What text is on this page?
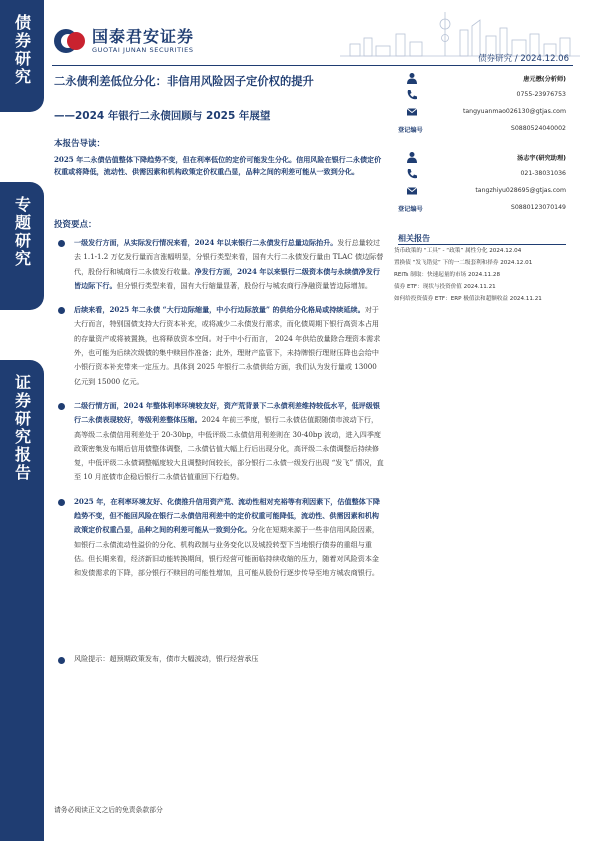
债券研究
专题研究
证券研究报告
国泰君安证券
GUOTAI JUNAN SECURITIES
债券研究 / 2024.12.06
二永债利差低位分化：非信用风险因子定价权的提升
——2024 年银行二永债回顾与 2025 年展望
本报告导读：
2025 年二永债估值整体下降趋势不变，但在利率低位的定价可能发生分化。信用风险在银行二永债定价权重或将降低，流动性、供需因素和机构政策定价权重凸显，品种之间的利差可能从一致到分化。
投资要点：
一级发行方面，从实际发行情况来看，2024 年以来银行二永债发行总量边际抬升。发行总量较过去 1.1-1.2 万亿发行量而言涨幅明显，分银行类型来看，国有大行二永债发行量由 TLAC 债边际替代，股份行和城商行二永债发行收量。净发行方面，2024 年以来银行二级资本债与永续债净发行皆边际下行。但分银行类型来看，国有大行缩量显著，股份行与城农商行净融资量皆边际增加。
后续来看，2025 年二永债 “大行边际缩量，中小行边际放量” 的供给分化格局或持续延续。对于大行而言，特别国债支持大行资本补充，或将减少二永债发行需求，而化债周期下银行高资本占用的存量资产或将被置换，也将释放资本空间。对于中小行而言， 2024 年供给放量除合理资本需求外，也可能为后续次级债的集中赎回作准备；此外，理财产监管下，未持牌银行理财压降也会给中小银行资本补充带来一定压力。具体到 2025 年银行二永债供给方面，我们认为发行量或 13000 亿元到 15000 亿元。
二级行情方面，2024 年整体利率环境较友好，资产荒背景下二永债利差维持较低水平，低评级银行二永债表现较好，等级利差整体压缩。2024 年前三季度，银行二永债估值跟随债市波动下行，高等级二永债信用利差处于 20-30bp，中低评级二永债信用利差则在 30-40bp 波动，进入四季度政策密集发布期后信用债整体调整，二永债估值大幅上行后出现分化，高评级二永债调整后持续修复，中低评级二永债调整幅度较大且调整时间较长，部分银行二永债一级发行出现 “发飞” 情况，直至 10 月底债市企稳后银行二永债估值重回下行趋势。
2025 年，在利率环境友好、化债推升信用资产荒、流动性相对充裕等有利因素下，估值整体下降趋势不变，但不能回风险在银行二永债信用利差中的定价权重可能降低，流动性、供需因素和机构政策定价权重凸显，品种之间的利差可能从一致到分化。分化在短期来源于一些非信用风险因素，如银行二永债流动性溢价的分化、机构政制与业务变化以及城投转型下当地银行债券的重组与重估。但长期来看，经济新旧动能转换期间，银行经营可能面临持续收缩的压力，随着对风险资本金和发债需求的下降，部分银行不赎回的可能性增加，且可能从股份行逐步传导至地方城农商银行。
风险提示：超预期政策发布，债市大幅波动，银行经营承压
请务必阅读正文之后的免责条款部分
唐元懋(分析师)
0755-23976753
tangyuanmao026130@gtjas.com
登记编号	S0880524040002
汤志宇(研究助理)
021-38031036
tangzhiyu028695@gtjas.com
登记编号	S0880123070149
相关报告
货币政策的 “工具” - “政策” 属性分化 2024.12.04
置换债 “发飞错觉” 下的一二级套利和择券 2024.12.01
REITs 制取：快速起量的市场 2024.11.28
债券 ETF：现状与投资价值 2024.11.21
如何给投资债券 ETF：ERP 极值法和超额收益 2024.11.21
